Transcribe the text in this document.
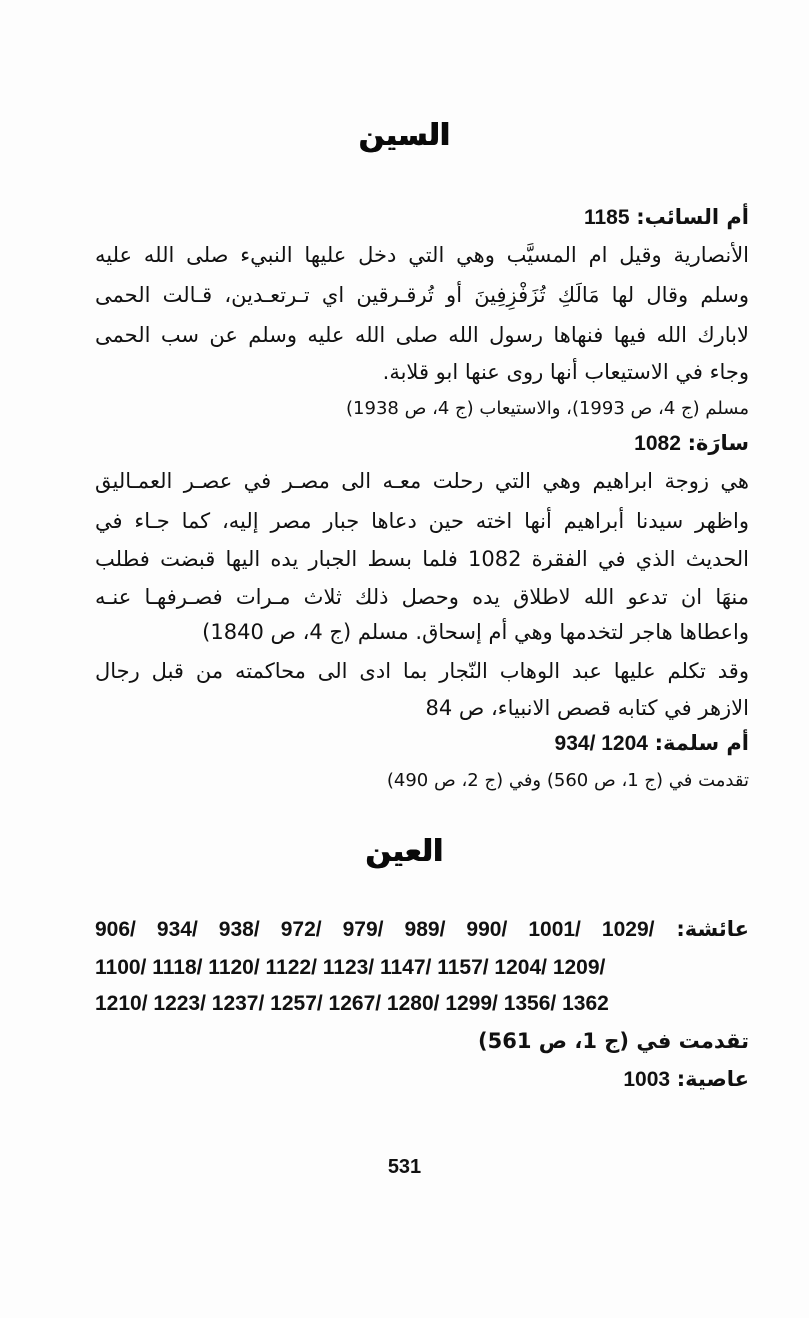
السين
أم السائب: 1185
الأنصارية وقيل ام المسيَّب وهي التي دخل عليها النبيء صلى الله عليه
وسلم وقال لها مَالَكِ تُزَفْزِفِينَ أو تُرقـرقين اي تـرتعـدين، قـالت الحمى
لابارك الله فيها فنهاها رسول الله صلى الله عليه وسلم عن سب الحمى
وجاء في الاستيعاب أنها روى عنها ابو قلابة.
مسلم (ج 4، ص 1993)، والاستيعاب (ج 4، ص 1938)
سارَة: 1082
هي زوجة ابراهيم وهي التي رحلت معـه الى مصـر في عصـر العمـاليق
واظهر سيدنا أبراهيم أنها اخته حين دعاها جبار مصر إليه، كما جـاء في
الحديث الذي في الفقرة 1082 فلما بسط الجبار يده اليها قبضت فطلب
منهَا ان تدعو الله لاطلاق يده وحصل ذلك ثلاث مـرات فصـرفهـا عنـه
واعطاها هاجر لتخدمها وهي أم إسحاق. مسلم (ج 4، ص 1840)
وقد تكلم عليها عبد الوهاب النّجار بما ادى الى محاكمته من قبل رجال
الازهر في كتابه قصص الانبياء، ص 84
أم سلمة: 934/ 1204
تقدمت في (ج 1، ص 560) وفي (ج 2، ص 490)
العين
عائشة: 906/ 934/ 938/ 972/ 979/ 989/ 990/ 1001/ 1029/
1100/ 1118/ 1120/ 1122/ 1123/ 1147/ 1157/ 1204/ 1209/
1210/ 1223/ 1237/ 1257/ 1267/ 1280/ 1299/ 1356/ 1362
تقدمت في (ج 1، ص 561)
عاصية: 1003
531
